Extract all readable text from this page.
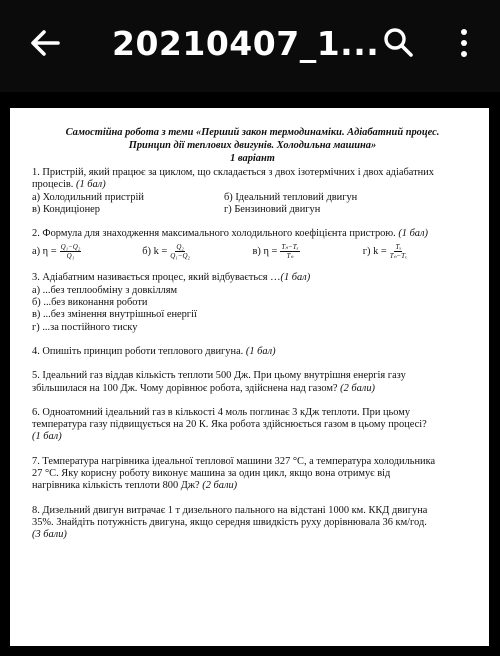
20210407_1...
Самостійна робота з теми «Перший закон термодинаміки. Адіабатний процес.
Принцип дії теплових двигунів. Холодильна машина»
1 варіант
1. Пристрій, який працює за циклом, що складається з двох ізотермічних і двох адіабатних
процесів. (1 бал)
а) Холодильний пристрій	б) Ідеальний тепловий двигун
в) Кондиціонер	г) Бензиновий двигун
2. Формула для знаходження максимального холодильного коефіцієнта пристрою. (1 бал)
а) $\eta = \frac{\text{Q₁−Q₂}}{\text{Q₁}}$	б) $k = \frac{\text{Q₂}}{\text{Q₁−Q₂}}$	в) $\eta = \frac{\text{Tₙ−Tₓ}}{\text{Tₙ}}$	г) $k = \frac{\text{Tₓ}}{\text{Tₙ−Tₓ}}$
3. Адіабатним називається процес, який відбувається …(1 бал)
а) ...без теплообміну з довкіллям
б) ...без виконання роботи
в) ...без змінення внутрішньої енергії
г) ...за постійного тиску
4. Опишіть принцип роботи теплового двигуна. (1 бал)
5. Ідеальний газ віддав кількість теплоти 500 Дж. При цьому внутрішня енергія газу
збільшилася на 100 Дж. Чому дорівнює робота, здійснена над газом? (2 бали)
6. Одноатомний ідеальний газ в кількості 4 моль поглинає 3 кДж теплоти. При цьому
температура газу підвищується на 20 К. Яка робота здійснюється газом в цьому процесі?
(1 бал)
7. Температура нагрівника ідеальної теплової машини 327 °С, а температура холодильника
27 °С. Яку корисну роботу виконує машина за один цикл, якщо вона отримує від
нагрівника кількість теплоти 800 Дж? (2 бали)
8. Дизельний двигун витрачає 1 т дизельного пального на відстані 1000 км. ККД двигуна
35%. Знайдіть потужність двигуна, якщо середня швидкість руху дорівнювала 36 км/год.
(3 бали)
